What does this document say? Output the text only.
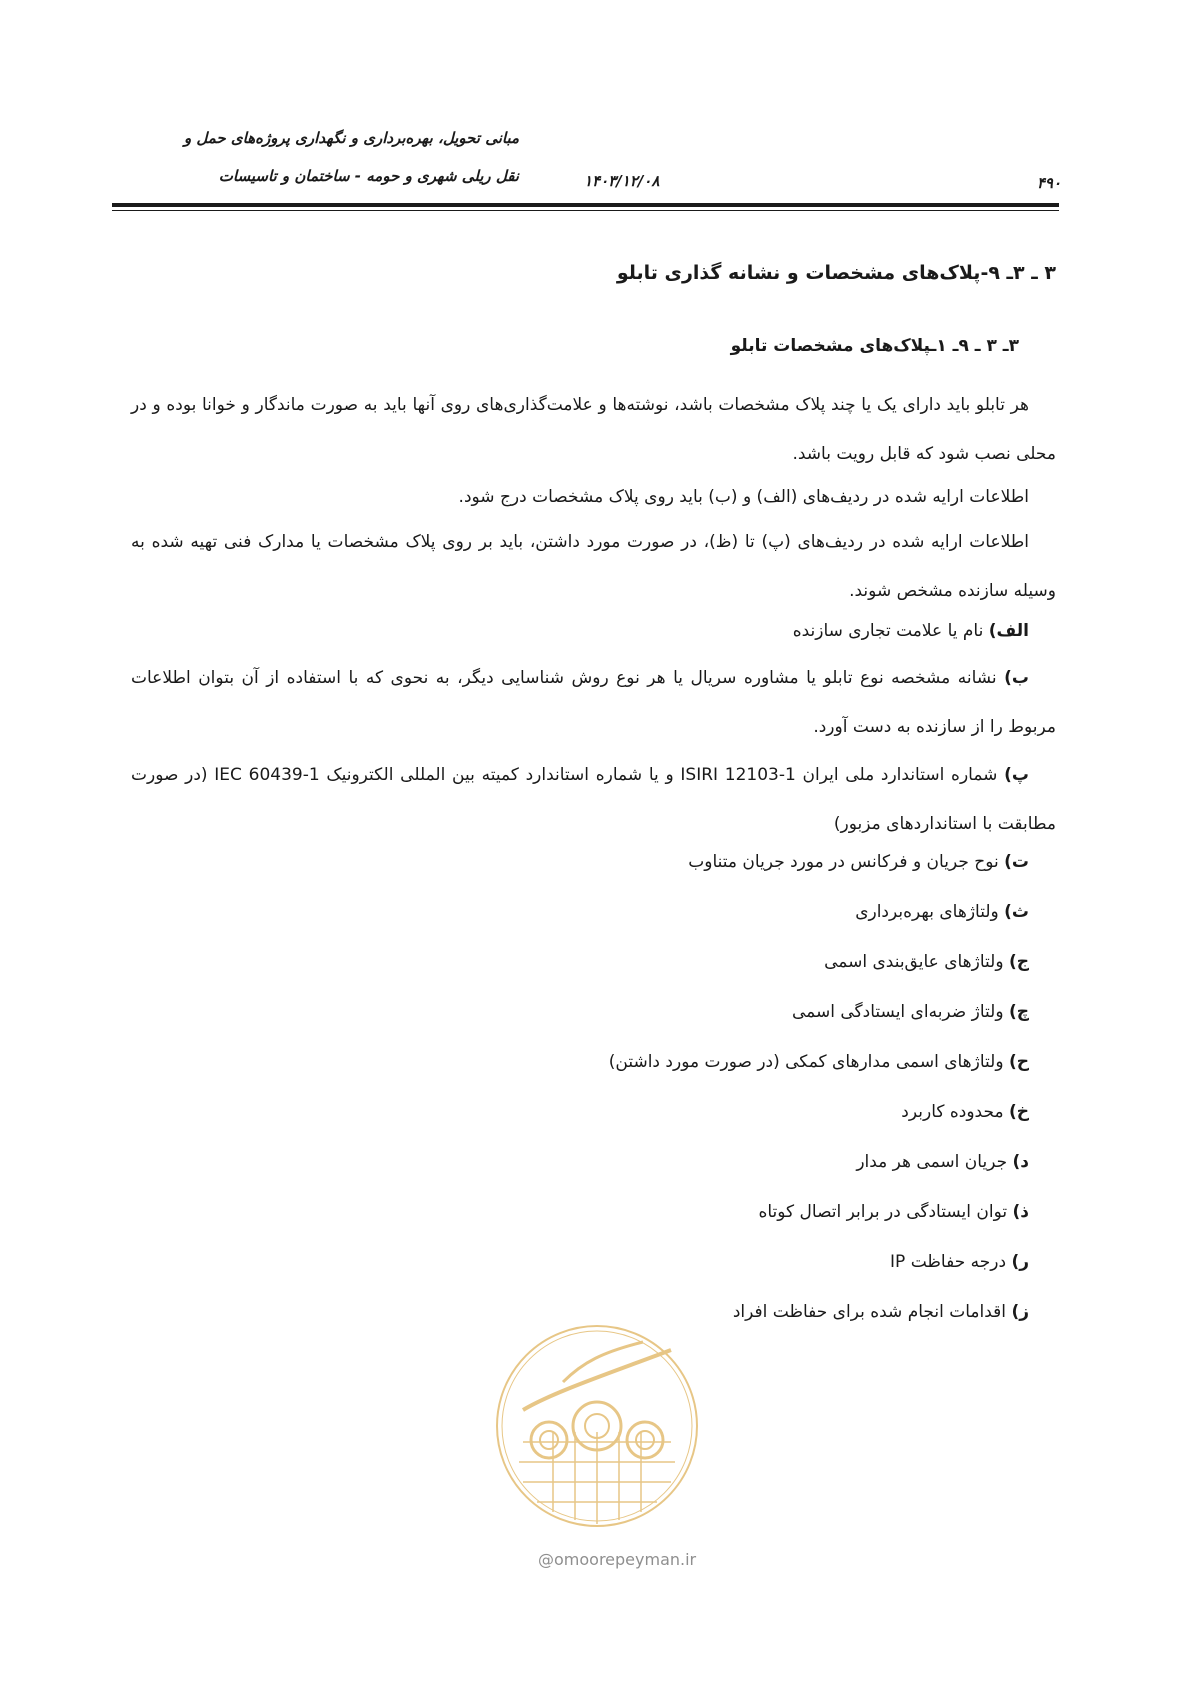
مبانی تحویل، بهره‌برداری و نگهداری پروژه‌های حمل و
نقل ریلی شهری و حومه - ساختمان و تاسیسات	۱۴۰۳/۱۲/۰۸	۴۹۰
۳ ـ ۳ـ ۹-پلاک‌های مشخصات و نشانه گذاری تابلو
۳ـ ۳ ـ ۹ـ ۱ـپلاک‌های مشخصات تابلو
هر تابلو باید دارای یک یا چند پلاک مشخصات باشد، نوشته‌ها و علامت‌گذاری‌های روی آنها باید به صورت ماندگار و خوانا بوده و در محلی نصب شود که قابل رویت باشد.
اطلاعات ارایه شده در ردیف‌های (الف) و (ب) باید روی پلاک مشخصات درج شود.
اطلاعات ارایه شده در ردیف‌های (پ) تا (ظ)، در صورت مورد داشتن، باید بر روی پلاک مشخصات یا مدارک فنی تهیه شده به وسیله سازنده مشخص شوند.
الف) نام یا علامت تجاری سازنده
ب) نشانه مشخصه نوع تابلو یا مشاوره سریال یا هر نوع روش شناسایی دیگر، به نحوی که با استفاده از آن بتوان اطلاعات مربوط را از سازنده به دست آورد.
پ) شماره استاندارد ملی ایران ISIRI 12103-1 و یا شماره استاندارد کمیته بین المللی الکترونیک IEC 60439-1 (در صورت مطابقت با استانداردهای مزبور)
ت) نوح جریان و فرکانس در مورد جریان متناوب
ث) ولتاژهای بهره‌برداری
ج) ولتاژهای عایق‌بندی اسمی
چ) ولتاژ ضربه‌ای ایستادگی اسمی
ح) ولتاژهای اسمی مدارهای کمکی (در صورت مورد داشتن)
خ) محدوده کاربرد
د) جریان اسمی هر مدار
ذ) توان ایستادگی در برابر اتصال کوتاه
ر) درجه حفاظت IP
ز) اقدامات انجام شده برای حفاظت افراد
@omoorepeyman.ir
